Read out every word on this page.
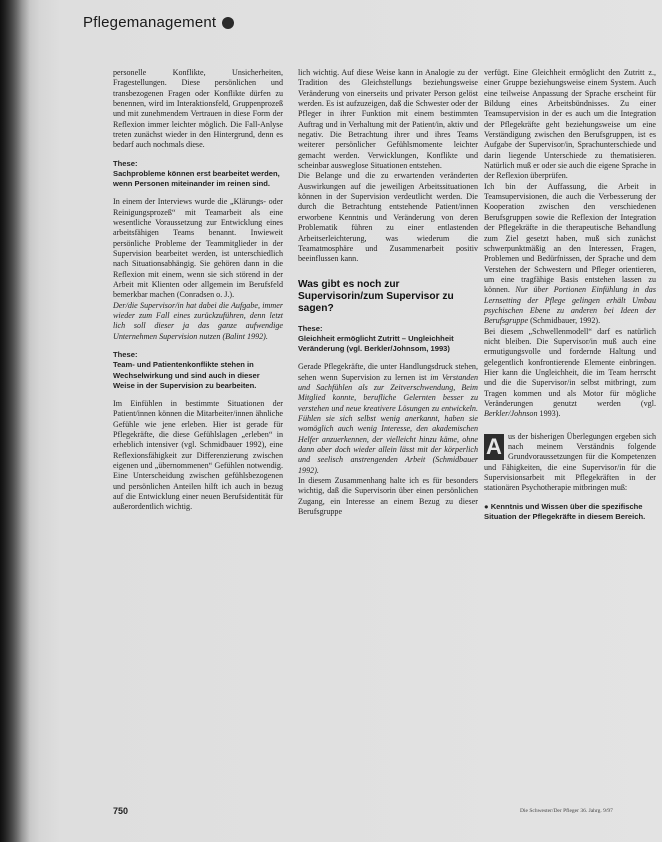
Pflegemanagement

personelle Konflikte, Unsicherheiten, Fragestellungen. Diese persönlichen und transbezogenen Fragen oder Konflikte dürfen zu benennen, wird im Interaktionsfeld, Gruppenprozeß und mit zunehmendem Vertrauen in diese Form der Reflexion immer leichter möglich. Die Fall-Anlyse treten zunächst wieder in den Hintergrund, denn es bedarf auch nochmals diese.

These:
Sachprobleme können erst bearbeitet werden, wenn Personen miteinander im reinen sind.

In einem der Interviews wurde die „Klärungs- oder Reinigungsprozeß“ mit Teamarbeit als eine wesentliche Voraussetzung zur Entwicklung eines arbeitsfähigen Teams benannt. Inwieweit persönliche Probleme der Teammitglieder in der Supervision bearbeitet werden, ist unterschiedlich nach Situationsabhängig. Sie gehören dann in die Reflexion mit einem, wenn sie sich störend in der Arbeit mit Klienten oder allgemein im Berufsfeld bemerkbar machen (Conradsen o. J.).

Der/die Supervisor/in hat dabei die Aufgabe, immer wieder zum Fall eines zurückzuführen, denn letzt lich soll dieser ja das ganze aufwendige Unternehmen Supervision nutzen (Balint 1992).

These:
Team- und Patientenkonflikte stehen in Wechselwirkung und sind auch in dieser Weise in der Supervision zu bearbeiten.

Im Einfühlen in bestimmte Situationen der Patient/innen können die Mitarbeiter/innen ähnliche Gefühle wie jene erleben. Hier ist gerade für Pflegekräfte, die diese Gefühlslagen „erleben“ in erheblich intensiver (vgl. Schmidbauer 1992), eine Reflexionsfähigkeit zur Differenzierung zwischen eigenen und „übernommenen“ Gefühlen notwendig. Eine Unterscheidung zwischen gefühlsbezogenen und persönlichen Anteilen hilft ich auch in bezug auf die Entwicklung einer neuen Berufsidentität für außerordentlich wichtig.

lich wichtig. Auf diese Weise kann in Analogie zu der Tradition des Gleichstellungs beziehungsweise Veränderung von einerseits und privater Person gelöst werden. Es ist aufzuzeigen, daß die Schwester oder der Pfleger in ihrer Funktion mit einem bestimmten Auftrag und in Verhaltung mit der Patient/in, aktiv und negativ. Die Betrachtung ihrer und ihres Teams weiterer persönlicher Gefühlsmomente leichter gemacht werden. Verwicklungen, Konflikte und scheinbar ausweglose Situationen entstehen.

Die Belange und die zu erwartenden veränderten Auswirkungen auf die jeweiligen Arbeitssituationen können in der Supervision verdeutlicht werden. Die durch die Betrachtung entstehende Patient/innen erworbene Kenntnis und Veränderung von deren Problematik führen zu einer entlastenden Arbeitserleichterung, was wiederum die Teamatmosphäre und Zusammenarbeit positiv beeinflussen kann.

Was gibt es noch zur Supervisorin/zum Supervisor zu sagen?
These:
Gleichheit ermöglicht Zutritt – Ungleichheit Veränderung (vgl. Berkler/Johnsom, 1993)

Gerade Pflegekräfte, die unter Handlungsdruck stehen, sehen wenn Supervision zu lernen ist im Verstanden und Sachfühlen als zur Zeitverschwendung, Beim Mitglied konnte, berufliche Gelernten besser zu verstehen und neue kreativere Lösungen zu entwickeln. Fühlen sie sich selbst wenig anerkannt, haben sie womöglich auch wenig Interesse, den akademischen Helfer anzuerkennen, der vielleicht hinzu käme, ohne dann aber doch wieder allein lässt mit der körperlich und seelisch anstrengenden Arbeit (Schmidbauer 1992).

In diesem Zusammenhang halte ich es für besonders wichtig, daß die Supervisorin über einen persönlichen Zugang, ein Interesse an einem Bezug zu dieser Berufsgruppe

verfügt. Eine Gleichheit ermöglicht den Zutritt z., einer Gruppe beziehungsweise einem System. Auch eine teilweise Anpassung der Sprache erscheint für Bildung eines Arbeitsbündnisses. Zu einer Teamsupervision in der es auch um die Integration der Pflegekräfte geht beziehungsweise um eine Verständigung zwischen den Berufsgruppen, ist es Aufgabe der Supervisor/in, Sprachunterschiede und darin liegende Unterschiede zu thematisieren. Natürlich muß er oder sie auch die eigene Sprache in der Reflexion überprüfen.

Ich bin der Auffassung, die Arbeit in Teamsupervisionen, die auch die Verbesserung der Kooperation zwischen den verschiedenen Berufsgruppen sowie die Reflexion der Integration der Pflegekräfte in die therapeutische Behandlung zum Ziel gesetzt haben, muß sich zunächst schwerpunktmäßig an den Interessen, Fragen, Problemen und Bedürfnissen, der Sprache und dem Verstehen der Schwestern und Pfleger orientieren, um eine tragfähige Basis entstehen lassen zu können. Nur über Portionen Einfühlung in das Lernsetting der Pflege gelingen erhält Umbau psychischen Ebene zu anderen bei Ideen der Berufsgruppe (Schmidbauer, 1992).

Bei diesem „Schwellenmodell“ darf es natürlich nicht bleiben. Die Supervisor/in muß auch eine ermutigungsvolle und fordernde Haltung und gelegentlich konfrontierende Elemente einbringen. Hier kann die Ungleichheit, die im Team herrscht und die die Supervisor/in selbst mitbringt, zum Tragen kommen und als Motor für mögliche Veränderungen genutzt werden (vgl. Berkler/Johnson 1993).

A us der bisherigen Überlegungen ergeben sich nach meinem Verständnis folgende Grundvoraussetzungen für die Kompetenzen und Fähigkeiten, die eine Supervisor/in für die Supervisionsarbeit mit Pflegekräften in der stationären Psychotherapie mitbringen muß:
● Kenntnis und Wissen über die spezifische Situation der Pflegekräfte in diesem Bereich.
750	Die Schwester/Der Pfleger 36. Jahrg. 9/97
